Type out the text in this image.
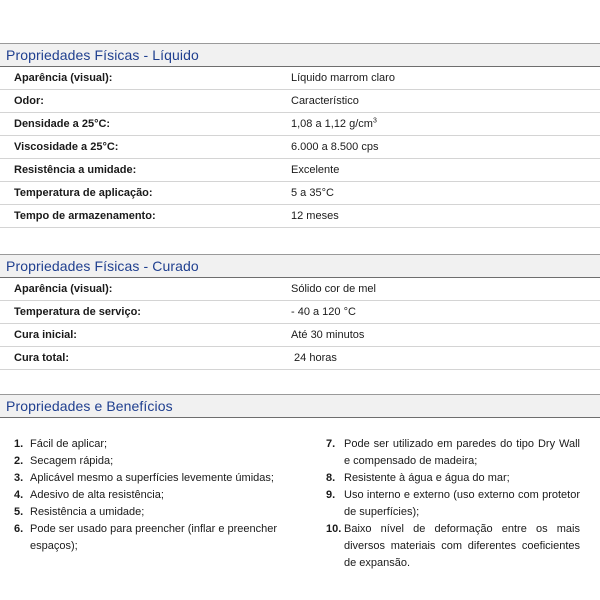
Propriedades Físicas - Líquido
Aparência (visual):	Líquido marrom claro
Odor:	Característico
Densidade a 25°C:	1,08 a 1,12 $g/cm^3$
Viscosidade a 25°C:	6.000 a 8.500 cps
Resistência a umidade:	Excelente
Temperatura de aplicação:	5 a 35°C
Tempo de armazenamento:	12 meses
Propriedades Físicas - Curado
Aparência (visual):	Sólido cor de mel
Temperatura de serviço:	- 40 a 120 °C
Cura inicial:	Até 30 minutos
Cura total:	24 horas
Propriedades e Benefícios
1. Fácil de aplicar;
2. Secagem rápida;
3. Aplicável mesmo a superfícies levemente úmidas;
4. Adesivo de alta resistência;
5. Resistência a umidade;
6. Pode ser usado para preencher (inflar e preencher espaços);
7. Pode ser utilizado em paredes do tipo Dry Wall e compensado de madeira;
8. Resistente à água e água do mar;
9. Uso interno e externo (uso externo com protetor de superfícies);
10. Baixo nível de deformação entre os mais diversos materiais com diferentes coeficientes de expansão.
